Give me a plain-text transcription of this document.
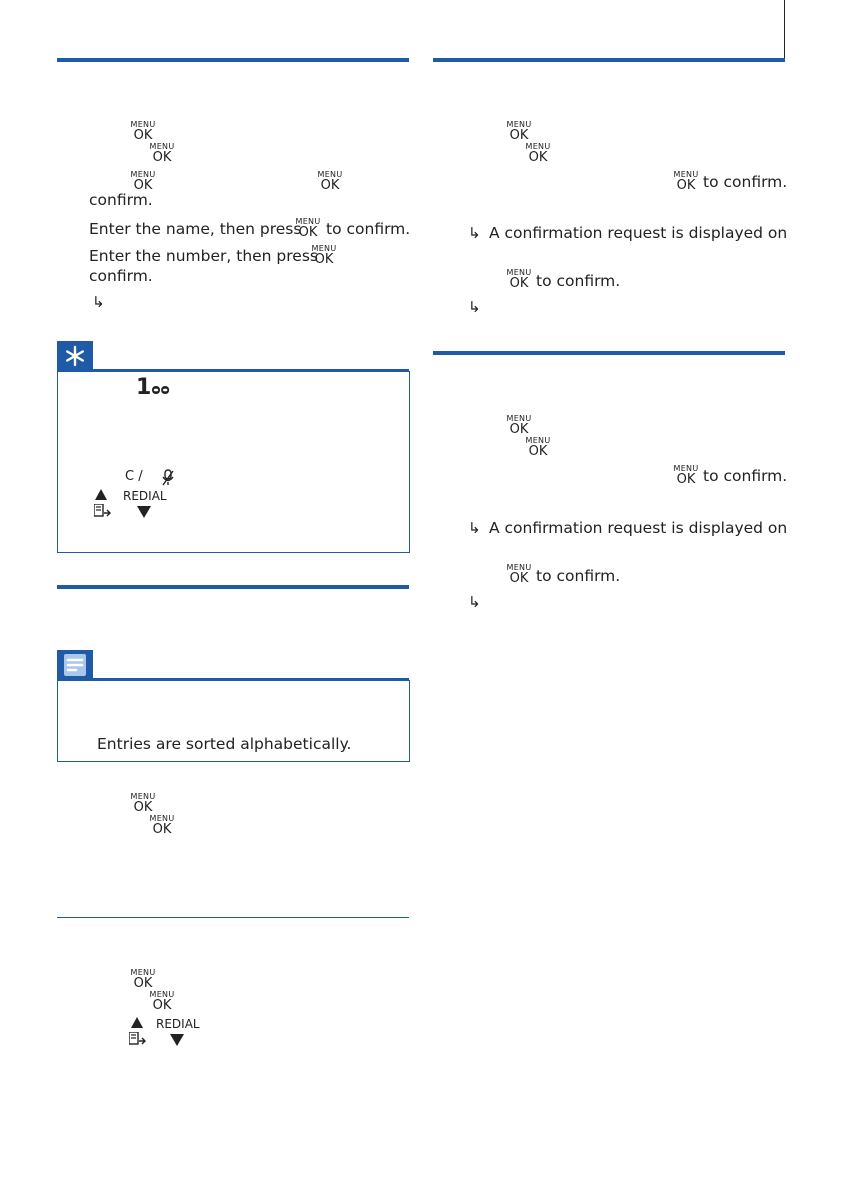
MENU
OK
MENU
OK
MENU
OK
MENU
OK
confirm.
Enter the name, then press
MENU
OK to confirm.
Enter the number, then press
MENU
OK
confirm.
↳
1ᴑᴑ
C /
REDIAL
Entries are sorted alphabetically.
MENU
OK
MENU
OK
MENU
OK
MENU
OK
REDIAL
MENU
OK
MENU
OK
MENU
OK to confirm.
↳ A confirmation request is displayed on
MENU
OK to confirm.
↳
MENU
OK
MENU
OK
MENU
OK to confirm.
↳ A confirmation request is displayed on
MENU
OK to confirm.
↳
